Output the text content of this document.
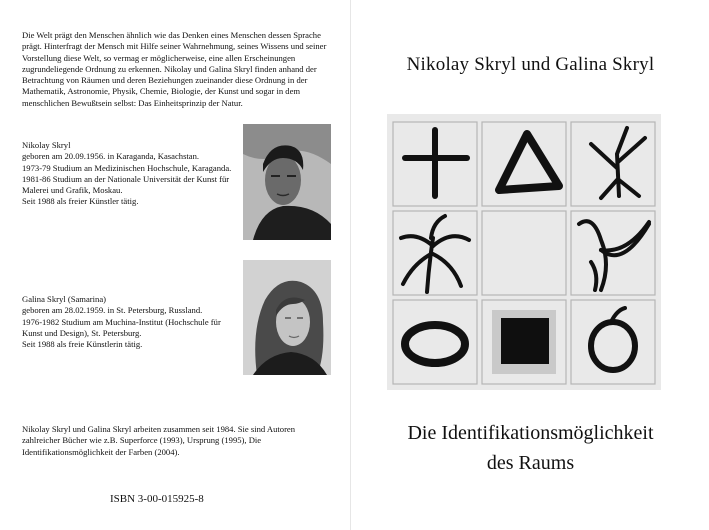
Die Welt prägt den Menschen ähnlich wie das Denken eines Menschen dessen Sprache prägt. Hinterfragt der Mensch mit Hilfe seiner Wahrnehmung, seines Wissens und seiner Vorstellung diese Welt, so vermag er möglicherweise, eine allen Erscheinungen zugrundeliegende Ordnung zu erkennen. Nikolay und Galina Skryl finden anhand der Betrachtung von Räumen und deren Beziehungen zueinander diese Ordnung in der Mathematik, Astronomie, Physik, Chemie, Biologie, der Kunst und sogar in dem menschlichen Bewußtsein selbst: Das Einheitsprinzip der Natur.

Nikolay Skryl
geboren am 20.09.1956. in Karaganda, Kasachstan.
1973-79 Studium an Medizinischen Hochschule, Karaganda.
1981-86 Studium an der Nationale Universität der Kunst für
Malerei und Grafik, Moskau.
Seit 1988 als freier Künstler tätig.
Galina Skryl (Samarina)
geboren am 28.02.1959. in St. Petersburg, Russland.
1976-1982 Studium am Muchina-Institut (Hochschule für
Kunst und Design), St. Petersburg.
Seit 1988 als freie Künstlerin tätig.

Nikolay Skryl und Galina Skryl arbeiten zusammen seit 1984. Sie sind Autoren zahlreicher Bücher wie z.B. Superforce (1993), Ursprung (1995), Die Identifikationsmöglichkeit der Farben (2004).

ISBN 3-00-015925-8
Nikolay Skryl und Galina Skryl
Die Identifikationsmöglichkeit
des Raums
